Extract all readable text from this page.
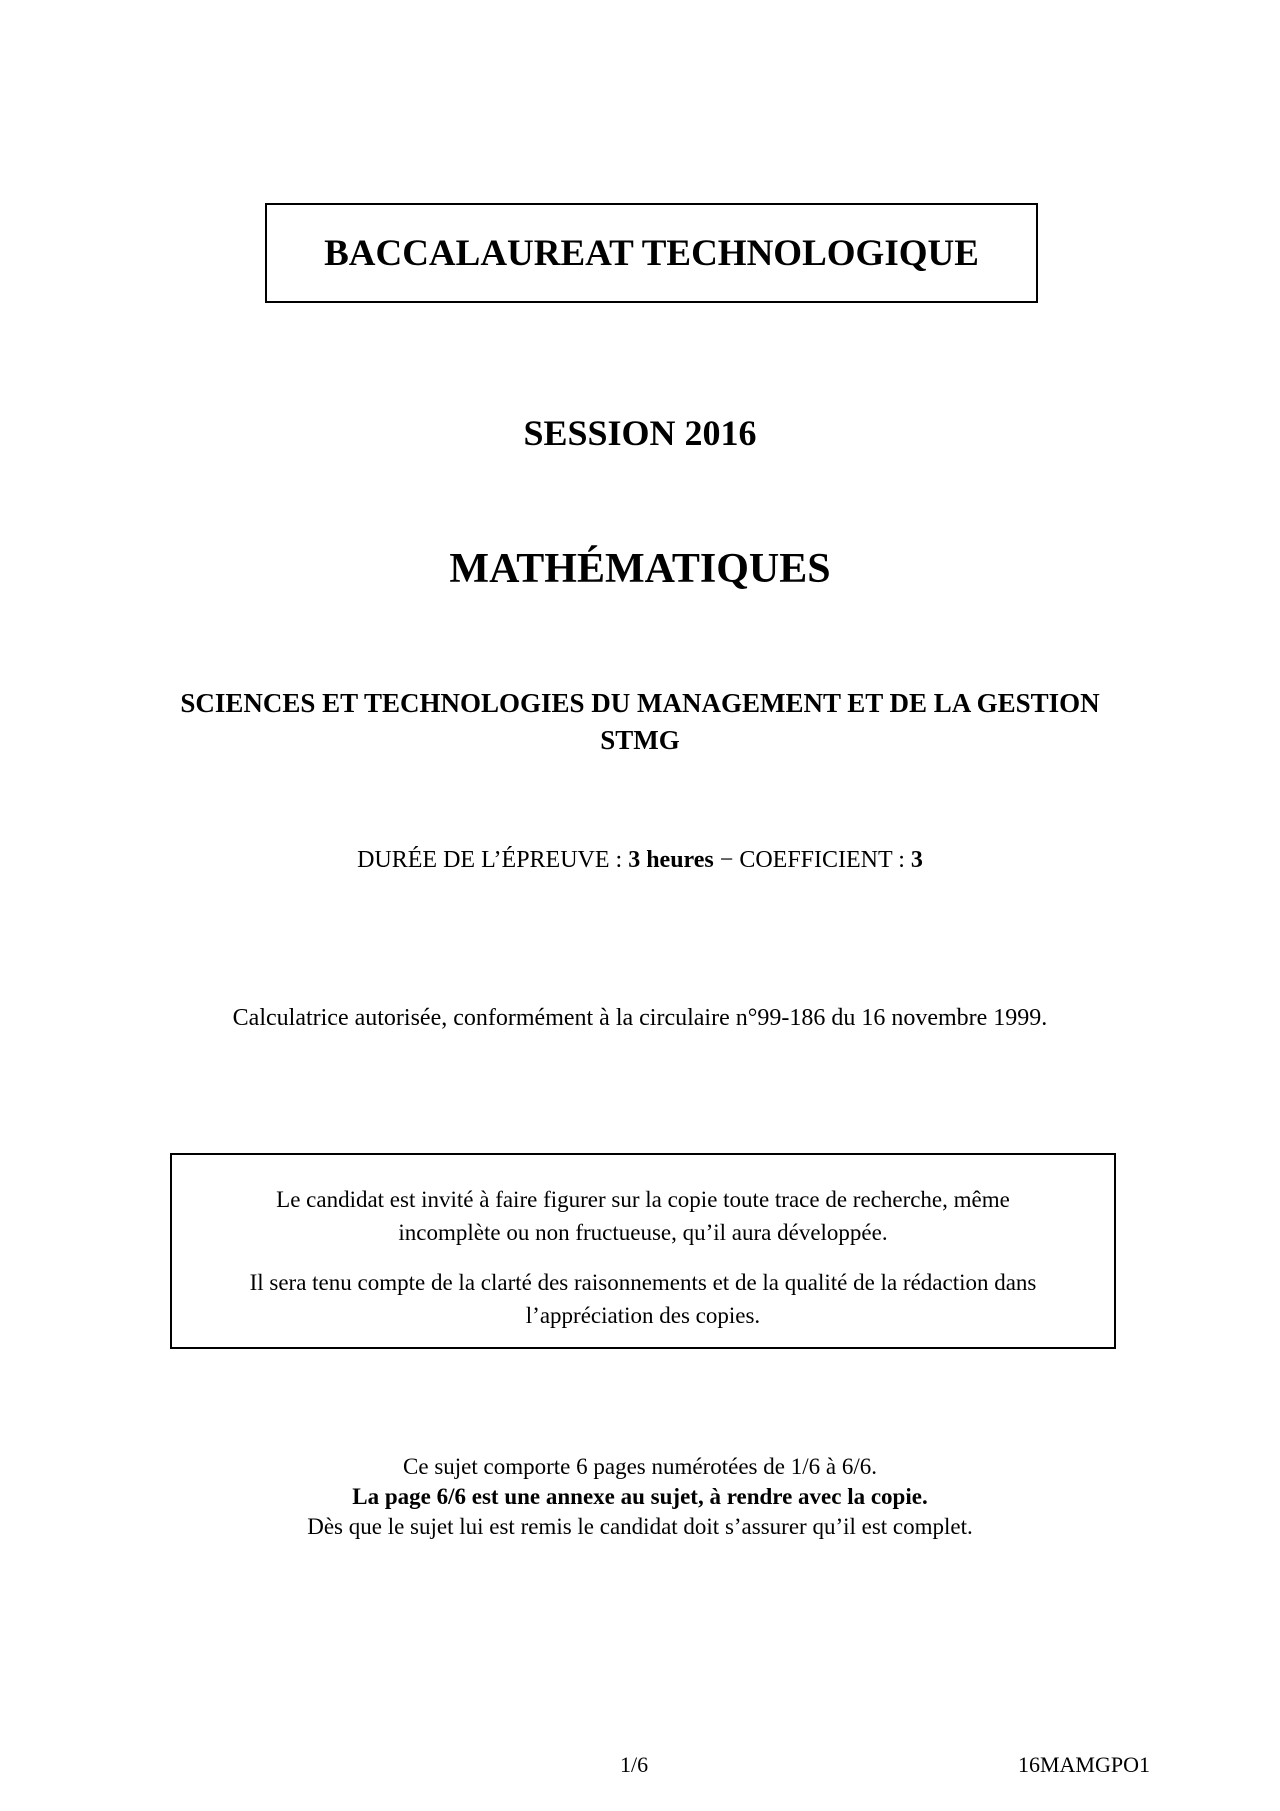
BACCALAUREAT TECHNOLOGIQUE
SESSION 2016
MATHÉMATIQUES
SCIENCES ET TECHNOLOGIES DU MANAGEMENT ET DE LA GESTION
STMG
DURÉE DE L’ÉPREUVE : 3 heures − COEFFICIENT : 3
Calculatrice autorisée, conformément à la circulaire n°99-186 du 16 novembre 1999.

Le candidat est invité à faire figurer sur la copie toute trace de recherche, même
incomplète ou non fructueuse, qu’il aura développée.

Il sera tenu compte de la clarté des raisonnements et de la qualité de la rédaction dans
l’appréciation des copies.

Ce sujet comporte 6 pages numérotées de 1/6 à 6/6.
La page 6/6 est une annexe au sujet, à rendre avec la copie.
Dès que le sujet lui est remis le candidat doit s’assurer qu’il est complet.
1/6	16MAMGPO1
